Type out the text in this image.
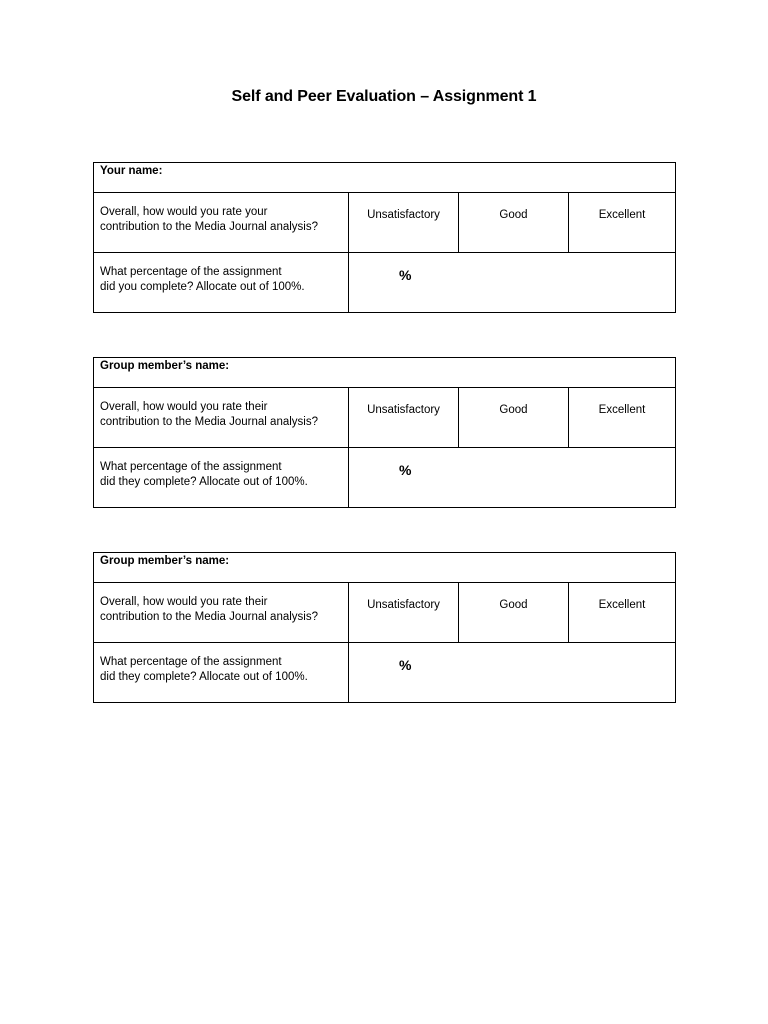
Self and Peer Evaluation – Assignment 1
Your name:			

Overall, how would you rate your
contribution to the Media Journal analysis?	Unsatisfactory	Good	Excellent

What percentage of the assignment
did you complete? Allocate out of 100%.	%		
Group member’s name:			

Overall, how would you rate their
contribution to the Media Journal analysis?	Unsatisfactory	Good	Excellent

What percentage of the assignment
did they complete? Allocate out of 100%.	%		
Group member’s name:			

Overall, how would you rate their
contribution to the Media Journal analysis?	Unsatisfactory	Good	Excellent

What percentage of the assignment
did they complete? Allocate out of 100%.	%		
